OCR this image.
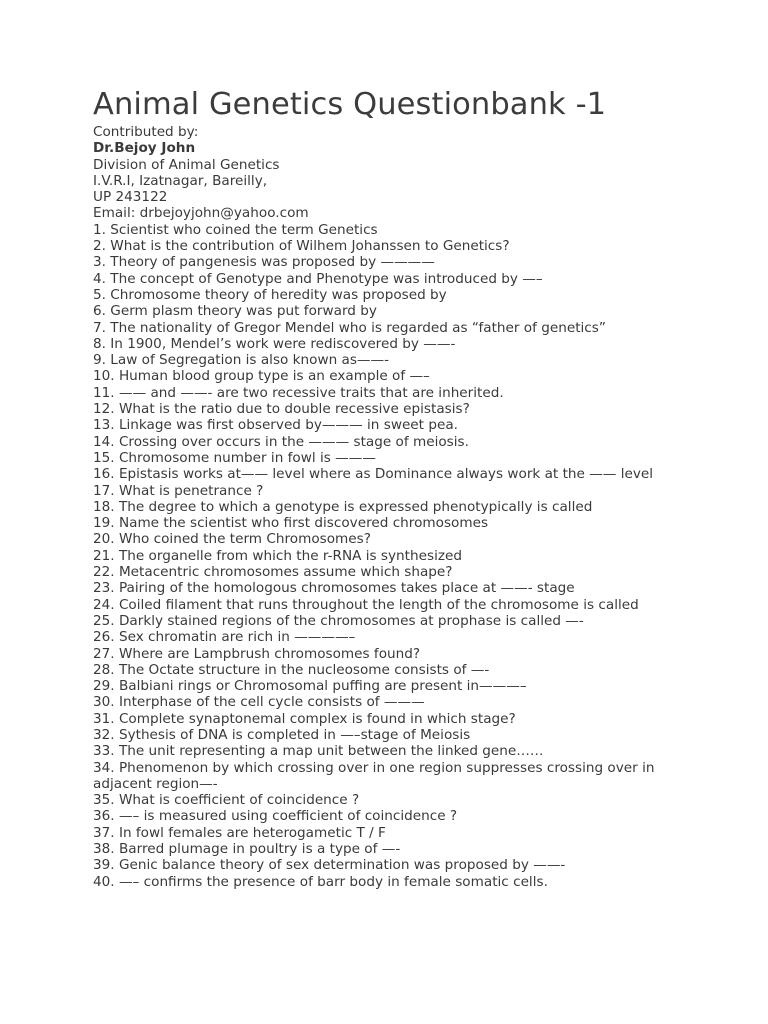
Animal Genetics Questionbank -1
Contributed by:
Dr.Bejoy John
Division of Animal Genetics
I.V.R.I, Izatnagar, Bareilly,
UP 243122
Email: drbejoyjohn@yahoo.com
1. Scientist who coined the term Genetics
2. What is the contribution of Wilhem Johanssen to Genetics?
3. Theory of pangenesis was proposed by ————
4. The concept of Genotype and Phenotype was introduced by —–
5. Chromosome theory of heredity was proposed by
6. Germ plasm theory was put forward by
7. The nationality of Gregor Mendel who is regarded as “father of genetics”
8. In 1900, Mendel’s work were rediscovered by ——-
9. Law of Segregation is also known as——-
10. Human blood group type is an example of —–
11. —— and ——- are two recessive traits that are inherited.
12. What is the ratio due to double recessive epistasis?
13. Linkage was first observed by——— in sweet pea.
14. Crossing over occurs in the ——— stage of meiosis.
15. Chromosome number in fowl is ———
16. Epistasis works at—— level where as Dominance always work at the —— level
17. What is penetrance ?
18. The degree to which a genotype is expressed phenotypically is called
19. Name the scientist who first discovered chromosomes
20. Who coined the term Chromosomes?
21. The organelle from which the r-RNA is synthesized
22. Metacentric chromosomes assume which shape?
23. Pairing of the homologous chromosomes takes place at ——- stage
24. Coiled filament that runs throughout the length of the chromosome is called
25. Darkly stained regions of the chromosomes at prophase is called —-
26. Sex chromatin are rich in ————–
27. Where are Lampbrush chromosomes found?
28. The Octate structure in the nucleosome consists of —-
29. Balbiani rings or Chromosomal puffing are present in———–
30. Interphase of the cell cycle consists of ———
31. Complete synaptonemal complex is found in which stage?
32. Sythesis of DNA is completed in —–stage of Meiosis
33. The unit representing a map unit between the linked gene……
34. Phenomenon by which crossing over in one region suppresses crossing over in adjacent region—-
35. What is coefficient of coincidence ?
36. —– is measured using coefficient of coincidence ?
37. In fowl females are heterogametic T / F
38. Barred plumage in poultry is a type of —-
39. Genic balance theory of sex determination was proposed by ——-
40. —– confirms the presence of barr body in female somatic cells.
